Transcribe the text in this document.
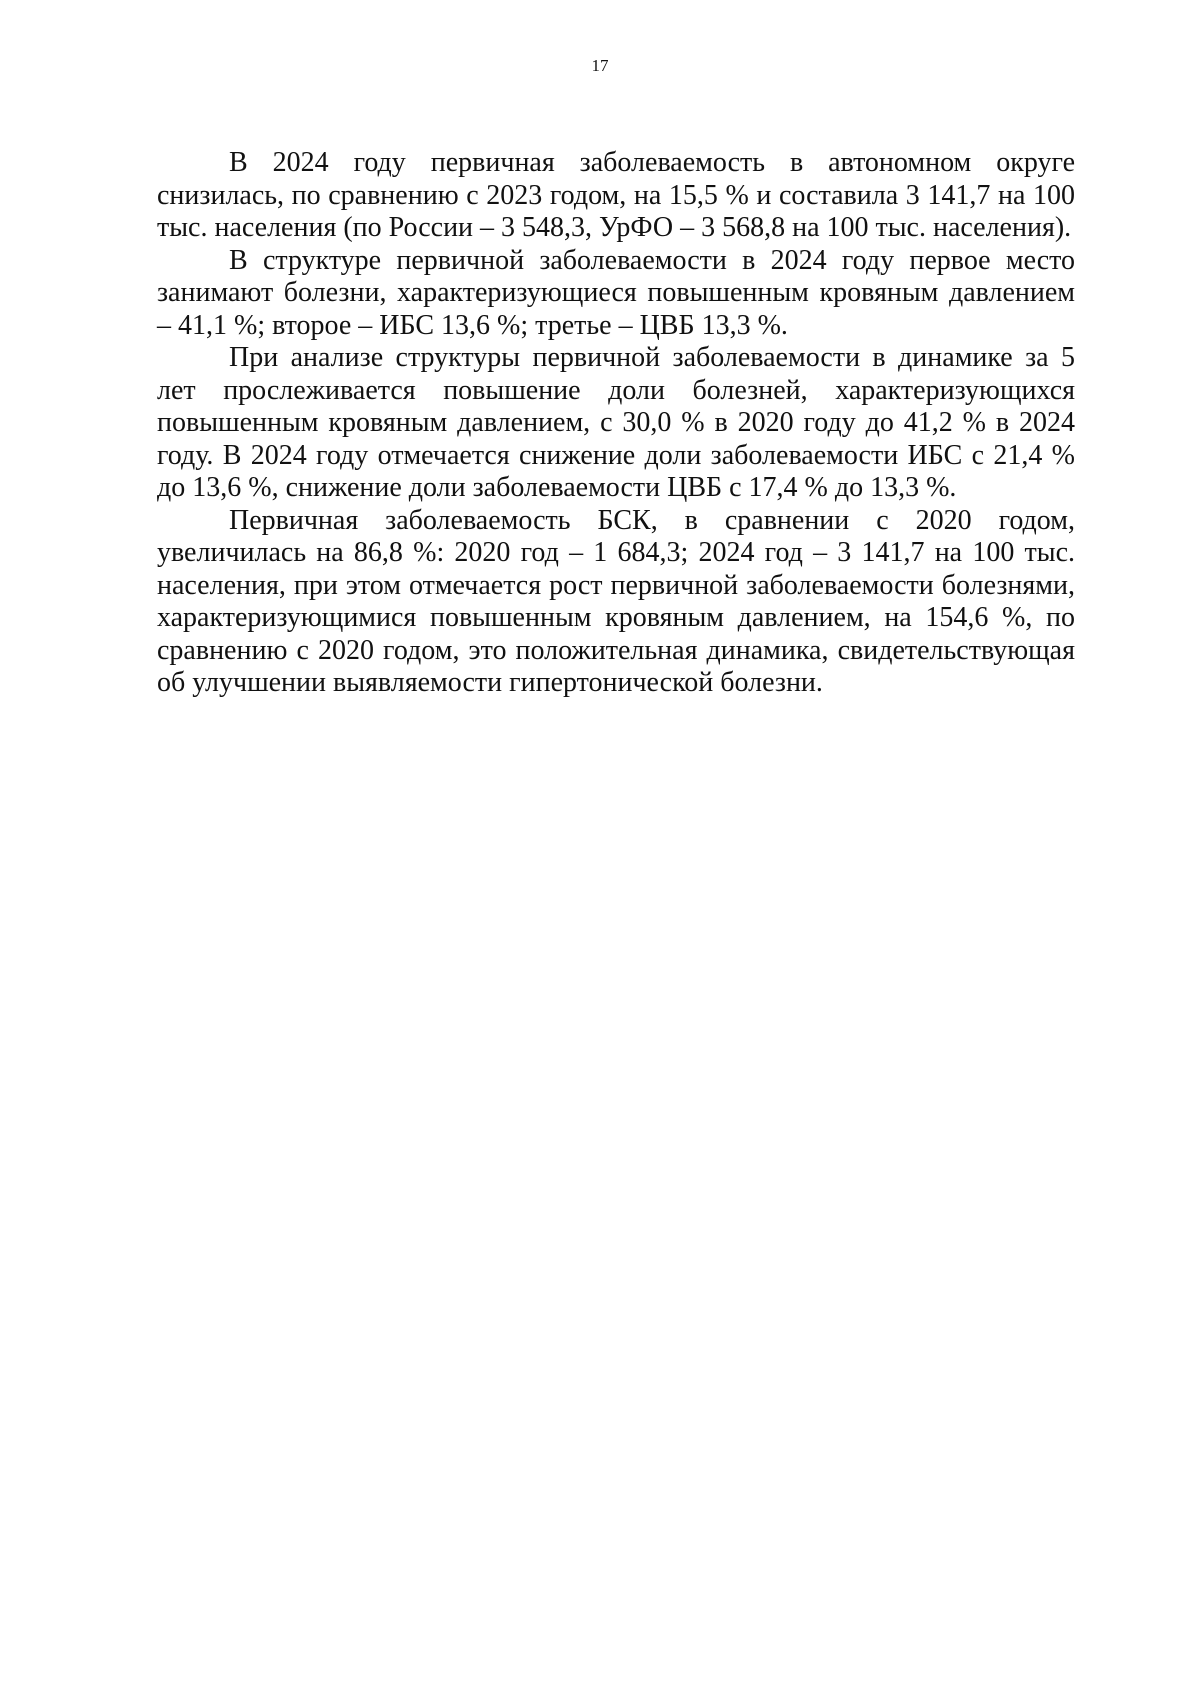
17

В 2024 году первичная заболеваемость в автономном округе снизилась, по сравнению с 2023 годом, на 15,5 % и составила 3 141,7 на 100 тыс. населения (по России – 3 548,3, УрФО – 3 568,8 на 100 тыс. населения).

В структуре первичной заболеваемости в 2024 году первое место занимают болезни, характеризующиеся повышенным кровяным давлением – 41,1 %; второе – ИБС 13,6 %; третье – ЦВБ 13,3 %.

При анализе структуры первичной заболеваемости в динамике за 5 лет прослеживается повышение доли болезней, характеризующихся повышенным кровяным давлением, с 30,0 % в 2020 году до 41,2 % в 2024 году. В 2024 году отмечается снижение доли заболеваемости ИБС с 21,4 % до 13,6 %, снижение доли заболеваемости ЦВБ с 17,4 % до 13,3 %.

Первичная заболеваемость БСК, в сравнении с 2020 годом, увеличилась на 86,8 %: 2020 год – 1 684,3; 2024 год – 3 141,7 на 100 тыс. населения, при этом отмечается рост первичной заболеваемости болезнями, характеризующимися повышенным кровяным давлением, на 154,6 %, по сравнению с 2020 годом, это положительная динамика, свидетельствующая об улучшении выявляемости гипертонической болезни.
